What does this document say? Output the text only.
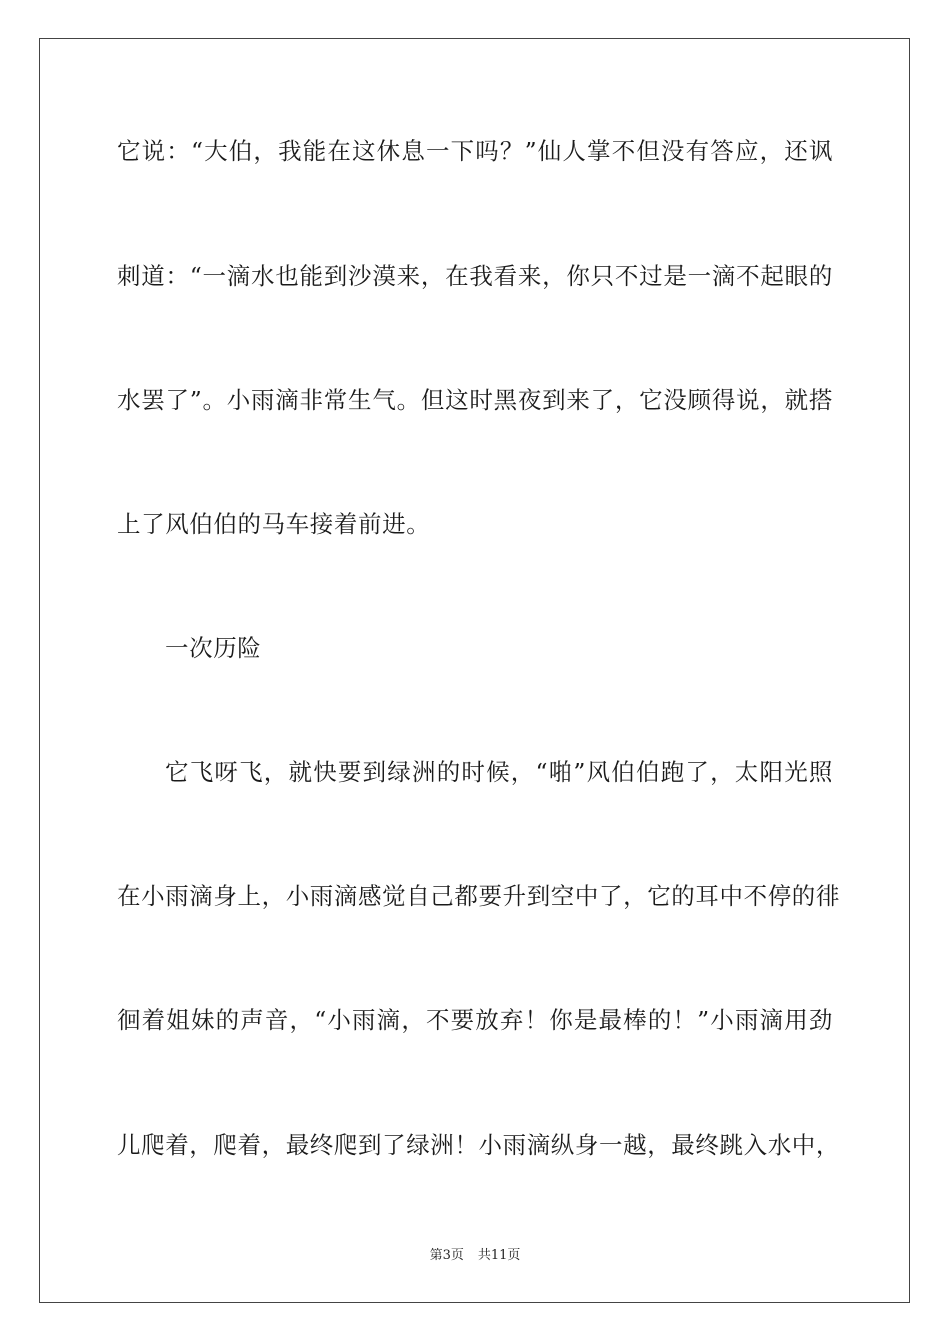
它说：“大伯，我能在这休息一下吗？”仙人掌不但没有答应，还讽
刺道：“一滴水也能到沙漠来，在我看来，你只不过是一滴不起眼的
水罢了”。小雨滴非常生气。但这时黑夜到来了，它没顾得说，就搭
上了风伯伯的马车接着前进。
一次历险
它飞呀飞，就快要到绿洲的时候，“啪”风伯伯跑了，太阳光照
在小雨滴身上，小雨滴感觉自己都要升到空中了，它的耳中不停的徘
徊着姐妹的声音，“小雨滴，不要放弃！你是最棒的！”小雨滴用劲
儿爬着，爬着，最终爬到了绿洲！小雨滴纵身一越，最终跳入水中，
第3页 共11页
